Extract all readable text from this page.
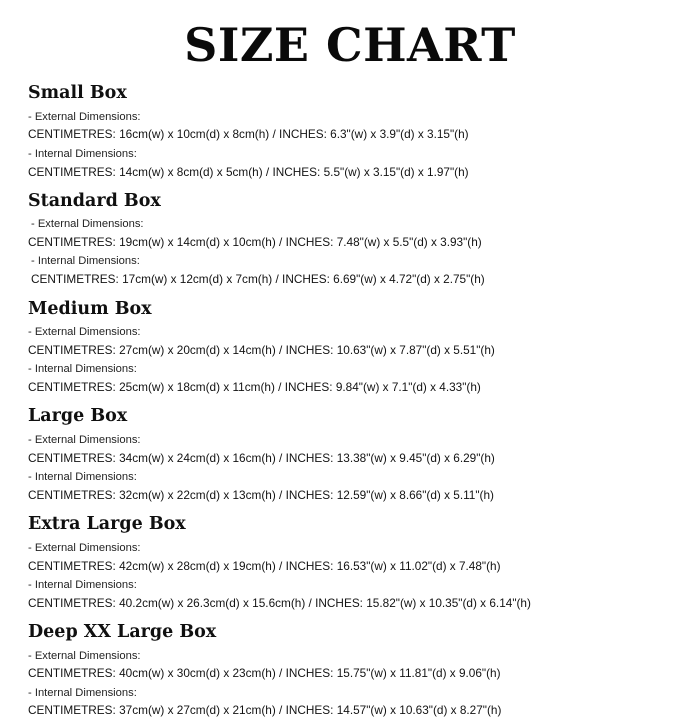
SIZE CHART
Small Box
- External Dimensions:
CENTIMETRES: 16cm(w) x 10cm(d) x 8cm(h) / INCHES: 6.3"(w) x 3.9"(d) x 3.15"(h)
- Internal Dimensions:
CENTIMETRES: 14cm(w) x 8cm(d) x 5cm(h) / INCHES: 5.5"(w) x 3.15"(d) x 1.97"(h)
Standard Box
- External Dimensions:
CENTIMETRES: 19cm(w) x 14cm(d) x 10cm(h) / INCHES: 7.48"(w) x 5.5"(d) x 3.93"(h)
- Internal Dimensions:
CENTIMETRES: 17cm(w) x 12cm(d) x 7cm(h) / INCHES: 6.69"(w) x 4.72"(d) x 2.75"(h)
Medium Box
- External Dimensions:
CENTIMETRES: 27cm(w) x 20cm(d) x 14cm(h) / INCHES: 10.63"(w) x 7.87"(d) x 5.51"(h)
- Internal Dimensions:
CENTIMETRES: 25cm(w) x 18cm(d) x 11cm(h) / INCHES: 9.84"(w) x 7.1"(d) x 4.33"(h)
Large Box
- External Dimensions:
CENTIMETRES: 34cm(w) x 24cm(d) x 16cm(h) / INCHES: 13.38"(w) x 9.45"(d) x 6.29"(h)
- Internal Dimensions:
CENTIMETRES: 32cm(w) x 22cm(d) x 13cm(h) / INCHES: 12.59"(w) x 8.66"(d) x 5.11"(h)
Extra Large Box
- External Dimensions:
CENTIMETRES: 42cm(w) x 28cm(d) x 19cm(h) / INCHES: 16.53"(w) x 11.02"(d) x 7.48"(h)
- Internal Dimensions:
CENTIMETRES: 40.2cm(w) x 26.3cm(d) x 15.6cm(h) / INCHES: 15.82"(w) x 10.35"(d) x 6.14"(h)
Deep XX Large Box
- External Dimensions:
CENTIMETRES: 40cm(w) x 30cm(d) x 23cm(h) / INCHES: 15.75"(w) x 11.81"(d) x 9.06"(h)
- Internal Dimensions:
CENTIMETRES: 37cm(w) x 27cm(d) x 21cm(h) / INCHES: 14.57"(w) x 10.63"(d) x 8.27"(h)
